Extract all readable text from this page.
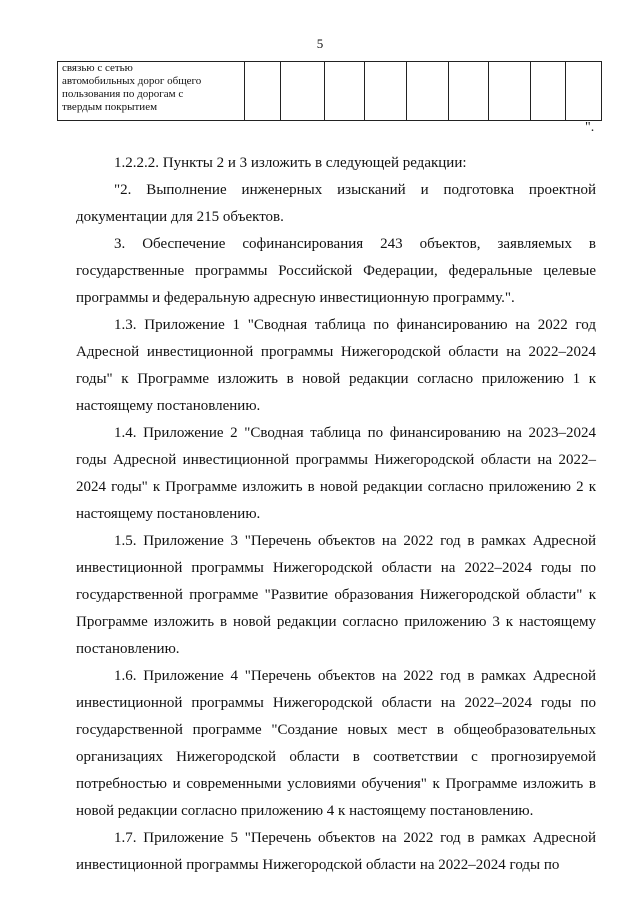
5
связью с сетью
автомобильных дорог общего
пользования по дорогам с
твердым покрытием

".

1.2.2.2. Пункты 2 и 3 изложить в следующей редакции:

"2. Выполнение инженерных изысканий и подготовка проектной документации для 215 объектов.

3. Обеспечение софинансирования 243 объектов, заявляемых в государственные программы Российской Федерации, федеральные целевые программы и федеральную адресную инвестиционную программу.".

1.3. Приложение 1 "Сводная таблица по финансированию на 2022 год Адресной инвестиционной программы Нижегородской области на 2022–2024 годы" к Программе изложить в новой редакции согласно приложению 1 к настоящему постановлению.

1.4. Приложение 2 "Сводная таблица по финансированию на 2023–2024 годы Адресной инвестиционной программы Нижегородской области на 2022–2024 годы" к Программе изложить в новой редакции согласно приложению 2 к настоящему постановлению.

1.5. Приложение 3 "Перечень объектов на 2022 год в рамках Адресной инвестиционной программы Нижегородской области на 2022–2024 годы по государственной программе "Развитие образования Нижегородской области" к Программе изложить в новой редакции согласно приложению 3 к настоящему постановлению.

1.6. Приложение 4 "Перечень объектов на 2022 год в рамках Адресной инвестиционной программы Нижегородской области на 2022–2024 годы по государственной программе "Создание новых мест в общеобразовательных организациях Нижегородской области в соответствии с прогнозируемой потребностью и современными условиями обучения" к Программе изложить в новой редакции согласно приложению 4 к настоящему постановлению.

1.7. Приложение 5 "Перечень объектов на 2022 год в рамках Адресной инвестиционной программы Нижегородской области на 2022–2024 годы по
